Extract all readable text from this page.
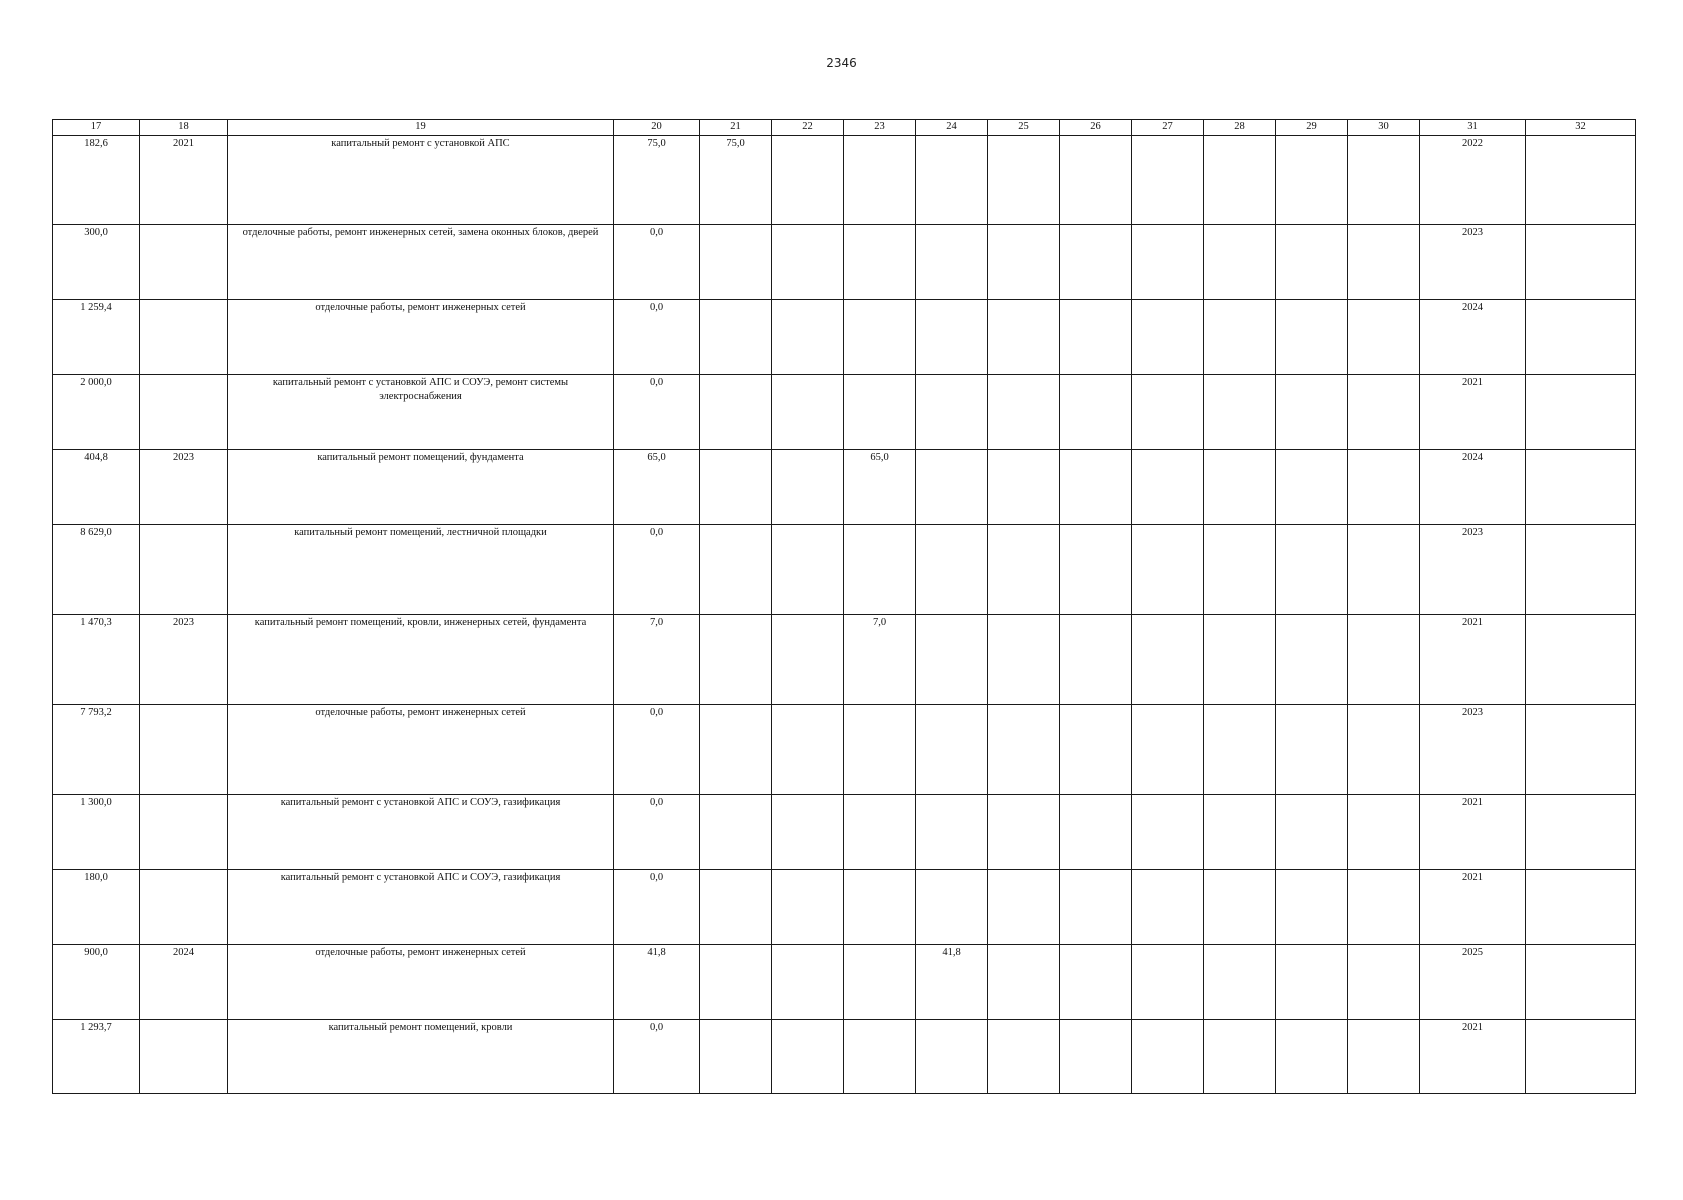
2346
17	18	19	20	21	22	23	24	25	26	27	28	29	30	31	32
182,6	2021	капитальный ремонт с установкой АПС	75,0	75,0										2022	
300,0		отделочные работы, ремонт инженерных сетей, замена оконных блоков, дверей	0,0											2023	
1 259,4		отделочные работы, ремонт инженерных сетей	0,0											2024	
2 000,0		капитальный ремонт с установкой АПС и СОУЭ, ремонт системы электроснабжения	0,0											2021	
404,8	2023	капитальный ремонт помещений, фундамента	65,0			65,0								2024	
8 629,0		капитальный ремонт помещений, лестничной площадки	0,0											2023	
1 470,3	2023	капитальный ремонт помещений, кровли, инженерных сетей, фундамента	7,0			7,0								2021	
7 793,2		отделочные работы, ремонт инженерных сетей	0,0											2023	
1 300,0		капитальный ремонт с установкой АПС и СОУЭ, газификация	0,0											2021	
180,0		капитальный ремонт с установкой АПС и СОУЭ, газификация	0,0											2021	
900,0	2024	отделочные работы, ремонт инженерных сетей	41,8				41,8							2025	
1 293,7		капитальный ремонт помещений, кровли	0,0											2021	
